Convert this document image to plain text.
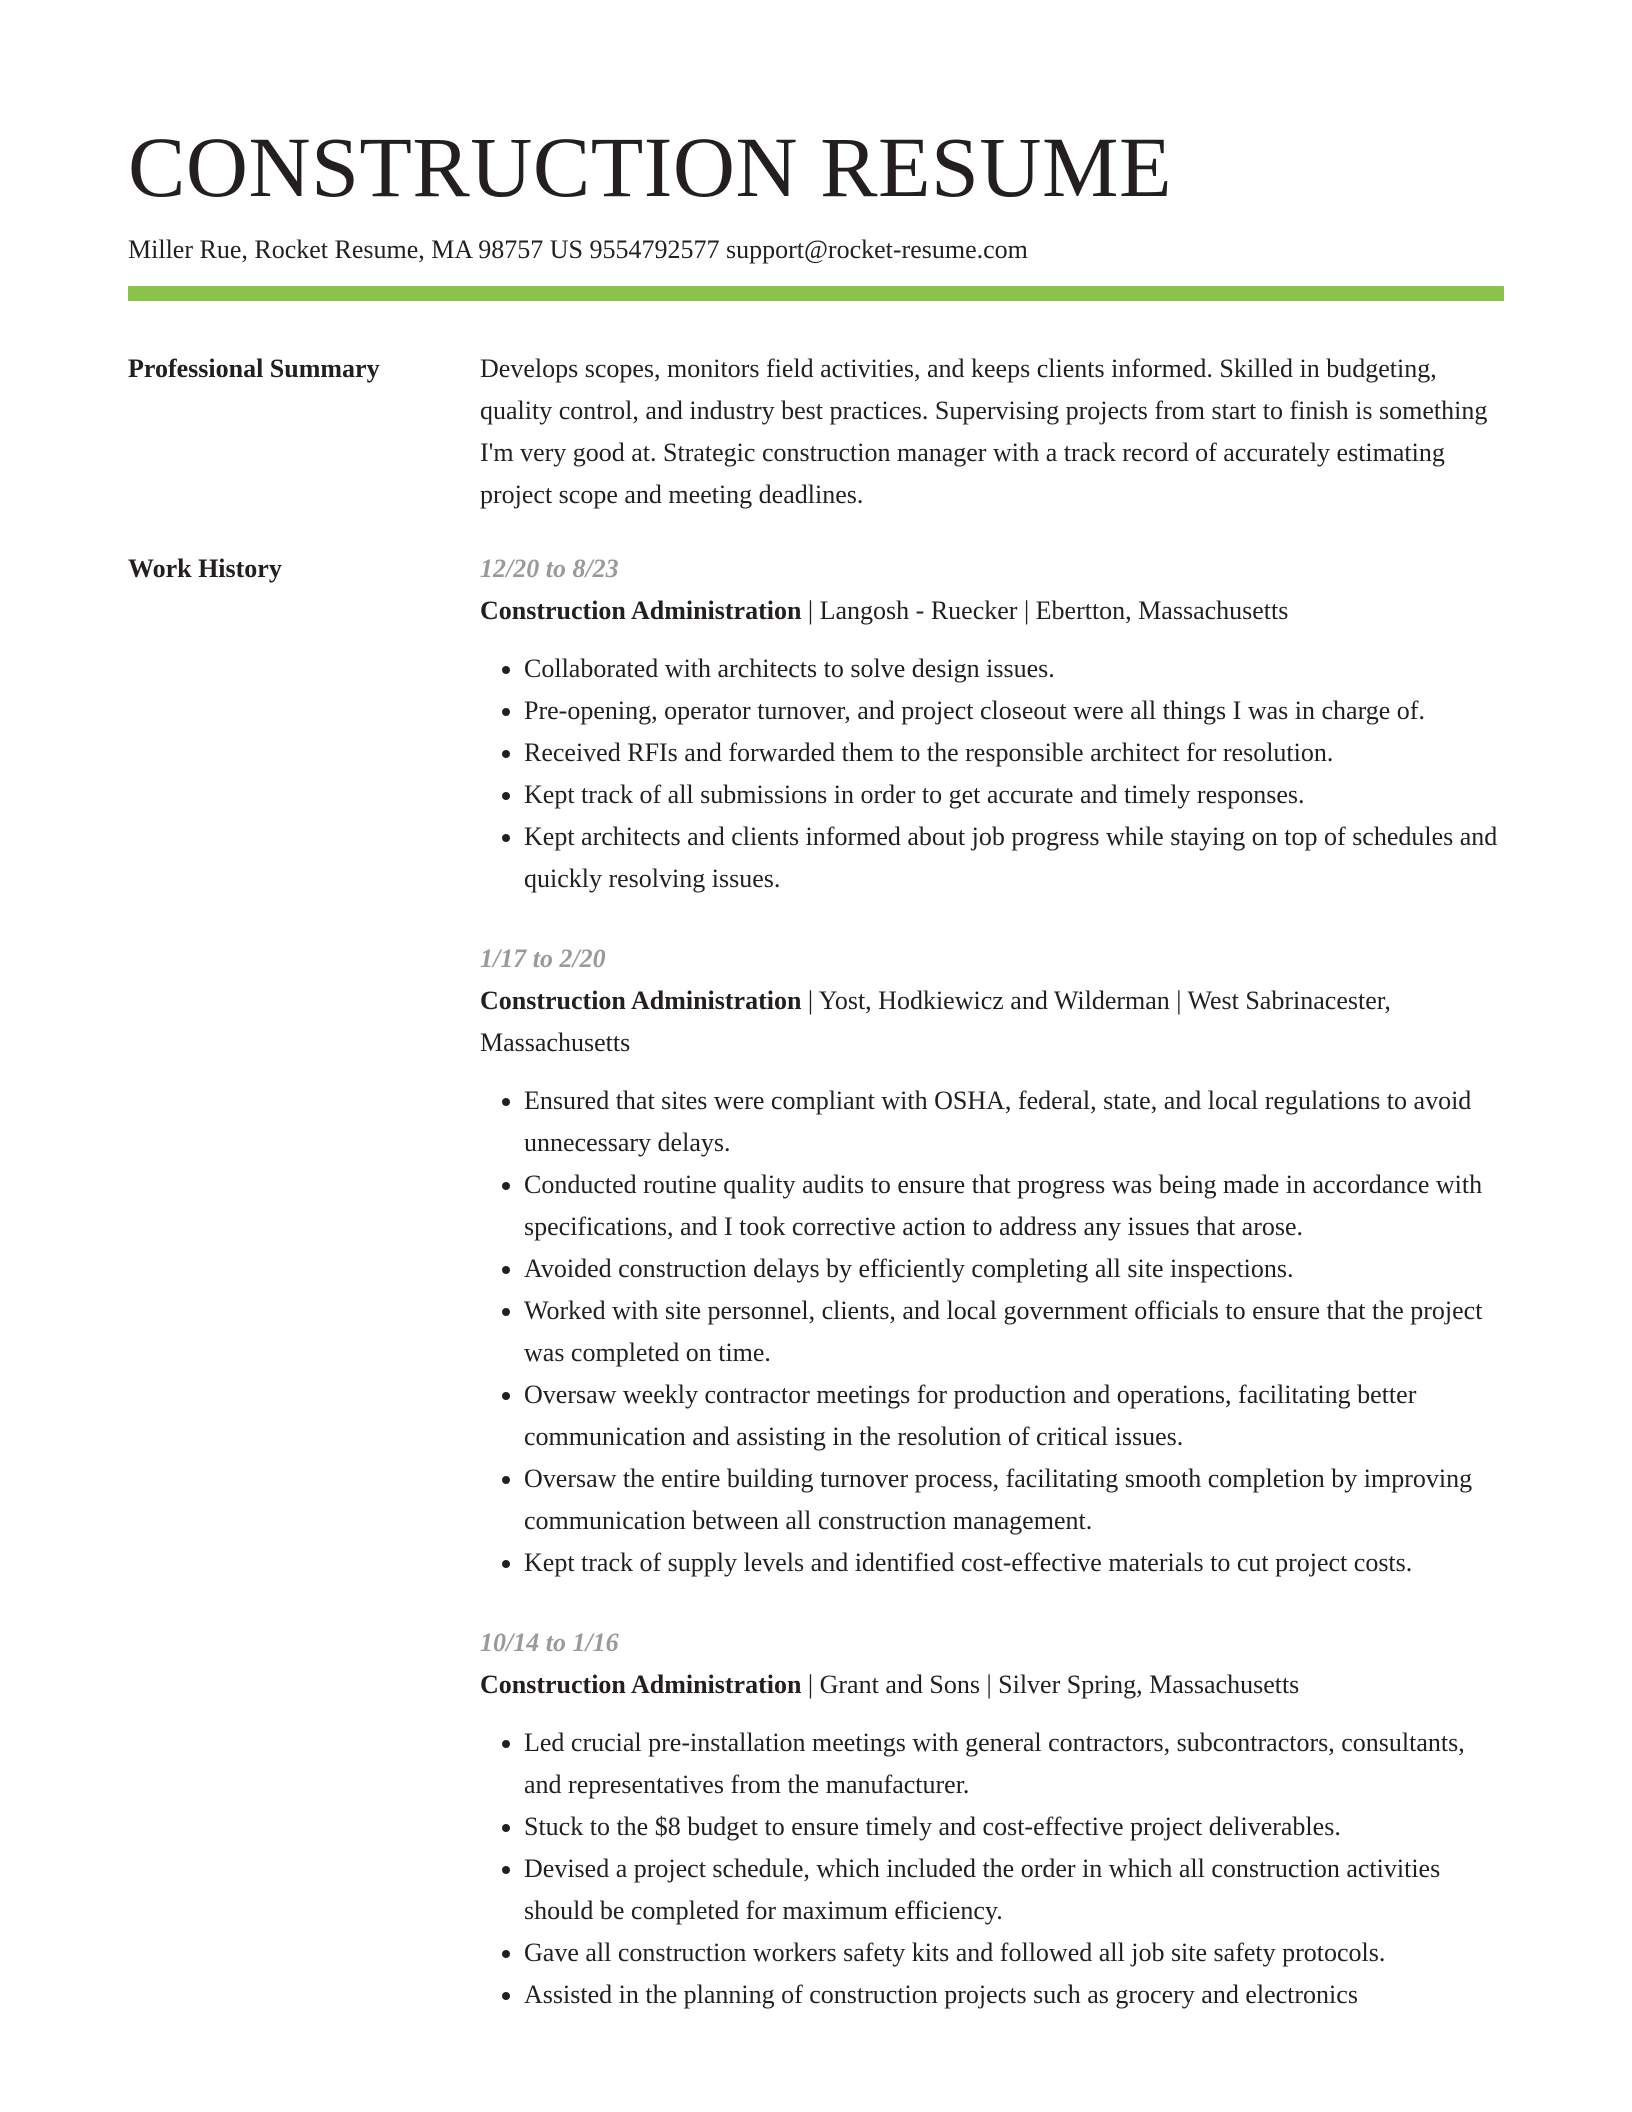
CONSTRUCTION RESUME
Miller Rue, Rocket Resume, MA 98757 US 9554792577 support@rocket-resume.com
Professional Summary	Develops scopes, monitors field activities, and keeps clients informed. Skilled in budgeting, quality control, and industry best practices. Supervising projects from start to finish is something I'm very good at. Strategic construction manager with a track record of accurately estimating project scope and meeting deadlines.

Work History	12/20 to 8/23

Construction Administration | Langosh - Ruecker | Ebertton, Massachusetts

• Collaborated with architects to solve design issues.
• Pre-opening, operator turnover, and project closeout were all things I was in charge of.
• Received RFIs and forwarded them to the responsible architect for resolution.
• Kept track of all submissions in order to get accurate and timely responses.
• Kept architects and clients informed about job progress while staying on top of schedules and quickly resolving issues.

1/17 to 2/20

Construction Administration | Yost, Hodkiewicz and Wilderman | West Sabrinacester, Massachusetts

• Ensured that sites were compliant with OSHA, federal, state, and local regulations to avoid unnecessary delays.
• Conducted routine quality audits to ensure that progress was being made in accordance with specifications, and I took corrective action to address any issues that arose.
• Avoided construction delays by efficiently completing all site inspections.
• Worked with site personnel, clients, and local government officials to ensure that the project was completed on time.
• Oversaw weekly contractor meetings for production and operations, facilitating better communication and assisting in the resolution of critical issues.
• Oversaw the entire building turnover process, facilitating smooth completion by improving communication between all construction management.
• Kept track of supply levels and identified cost-effective materials to cut project costs.

10/14 to 1/16

Construction Administration | Grant and Sons | Silver Spring, Massachusetts

• Led crucial pre-installation meetings with general contractors, subcontractors, consultants, and representatives from the manufacturer.
• Stuck to the $8 budget to ensure timely and cost-effective project deliverables.
• Devised a project schedule, which included the order in which all construction activities should be completed for maximum efficiency.
• Gave all construction workers safety kits and followed all job site safety protocols.
• Assisted in the planning of construction projects such as grocery and electronics
